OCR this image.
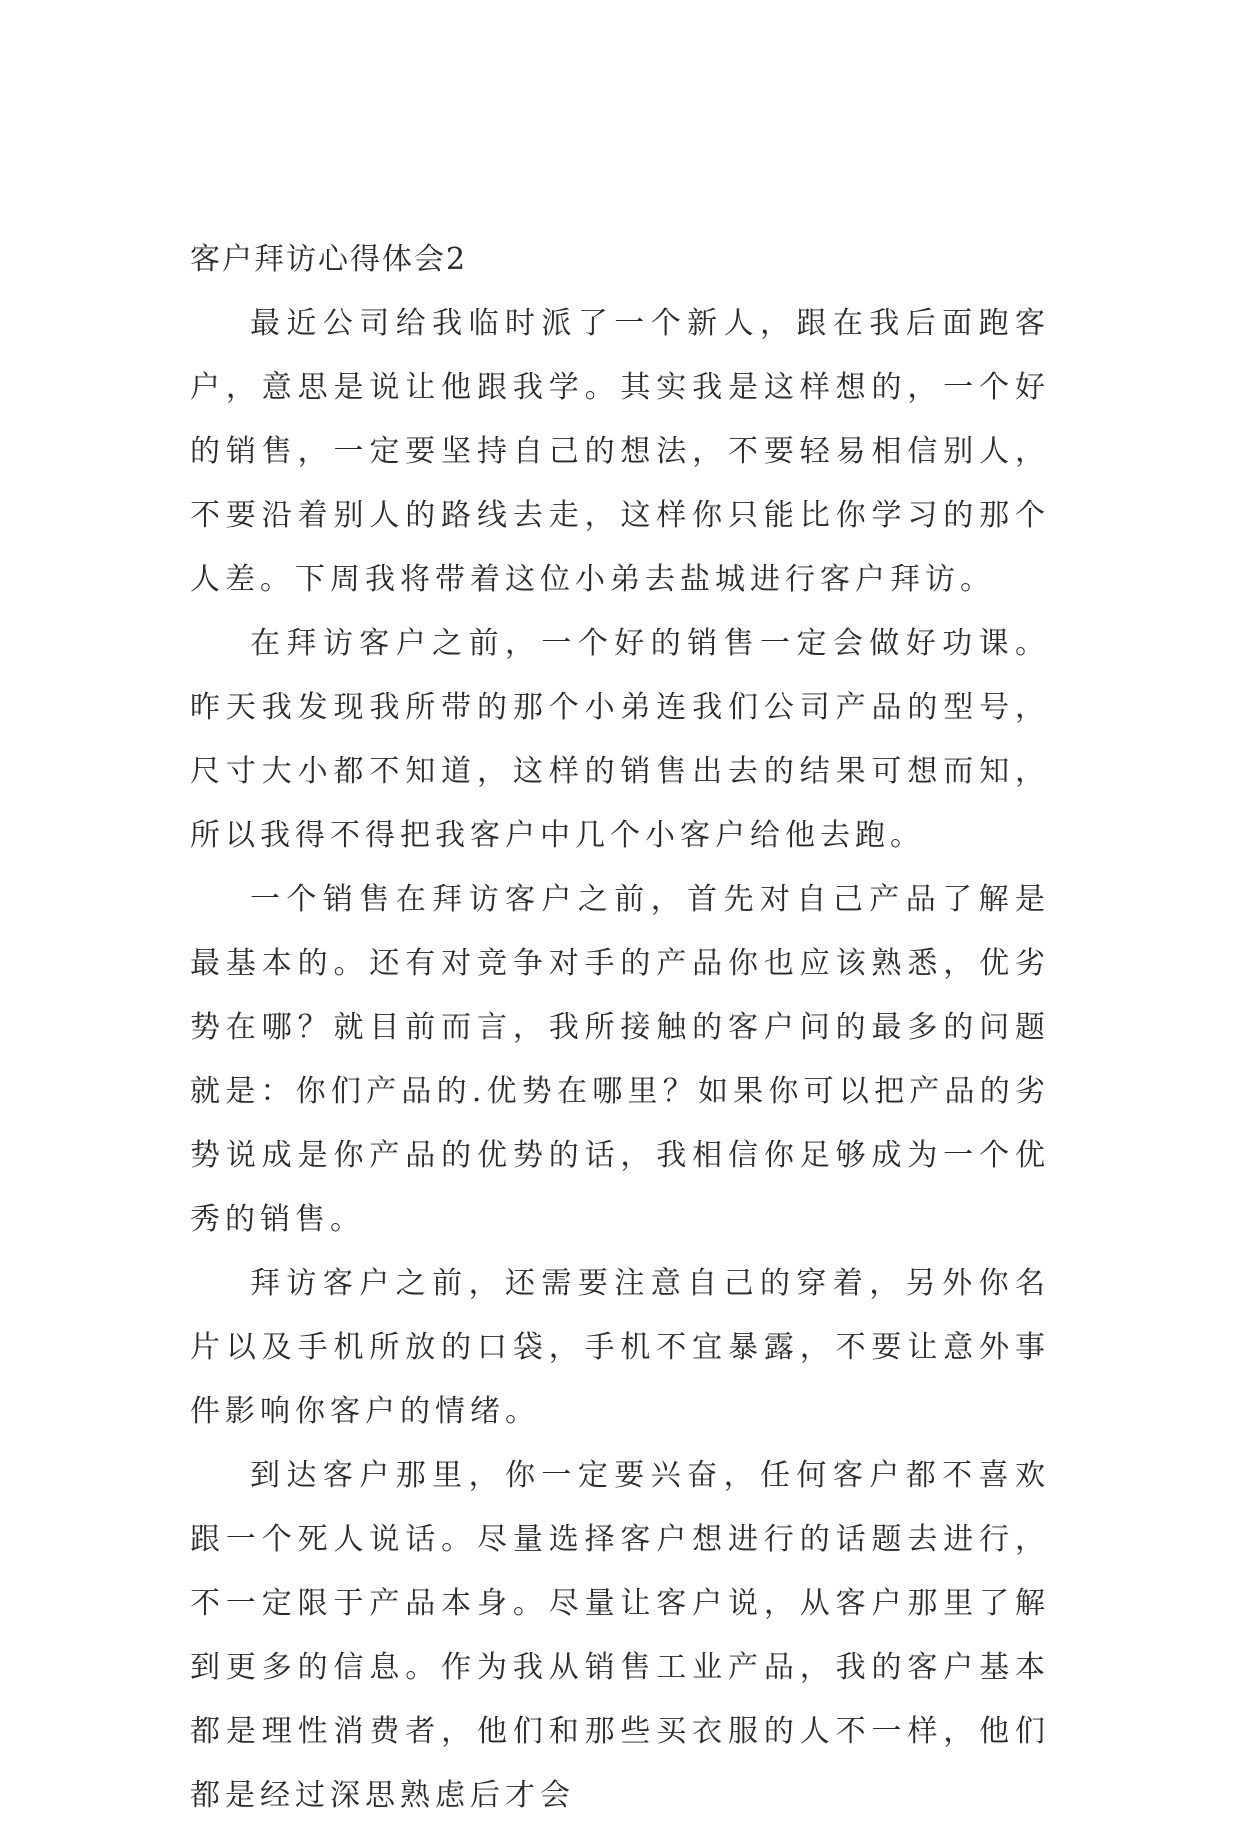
客户拜访心得体会2

最近公司给我临时派了一个新人，跟在我后面跑客户，意思是说让他跟我学。其实我是这样想的，一个好的销售，一定要坚持自己的想法，不要轻易相信别人，不要沿着别人的路线去走，这样你只能比你学习的那个人差。下周我将带着这位小弟去盐城进行客户拜访。

在拜访客户之前，一个好的销售一定会做好功课。昨天我发现我所带的那个小弟连我们公司产品的型号，尺寸大小都不知道，这样的销售出去的结果可想而知，所以我得不得把我客户中几个小客户给他去跑。

一个销售在拜访客户之前，首先对自己产品了解是最基本的。还有对竞争对手的产品你也应该熟悉，优劣势在哪？就目前而言，我所接触的客户问的最多的问题就是：你们产品的.优势在哪里？如果你可以把产品的劣势说成是你产品的优势的话，我相信你足够成为一个优秀的销售。

拜访客户之前，还需要注意自己的穿着，另外你名片以及手机所放的口袋，手机不宜暴露，不要让意外事件影响你客户的情绪。

到达客户那里，你一定要兴奋，任何客户都不喜欢跟一个死人说话。尽量选择客户想进行的话题去进行，不一定限于产品本身。尽量让客户说，从客户那里了解到更多的信息。作为我从销售工业产品，我的客户基本都是理性消费者，他们和那些买衣服的人不一样，他们都是经过深思熟虑后才会
